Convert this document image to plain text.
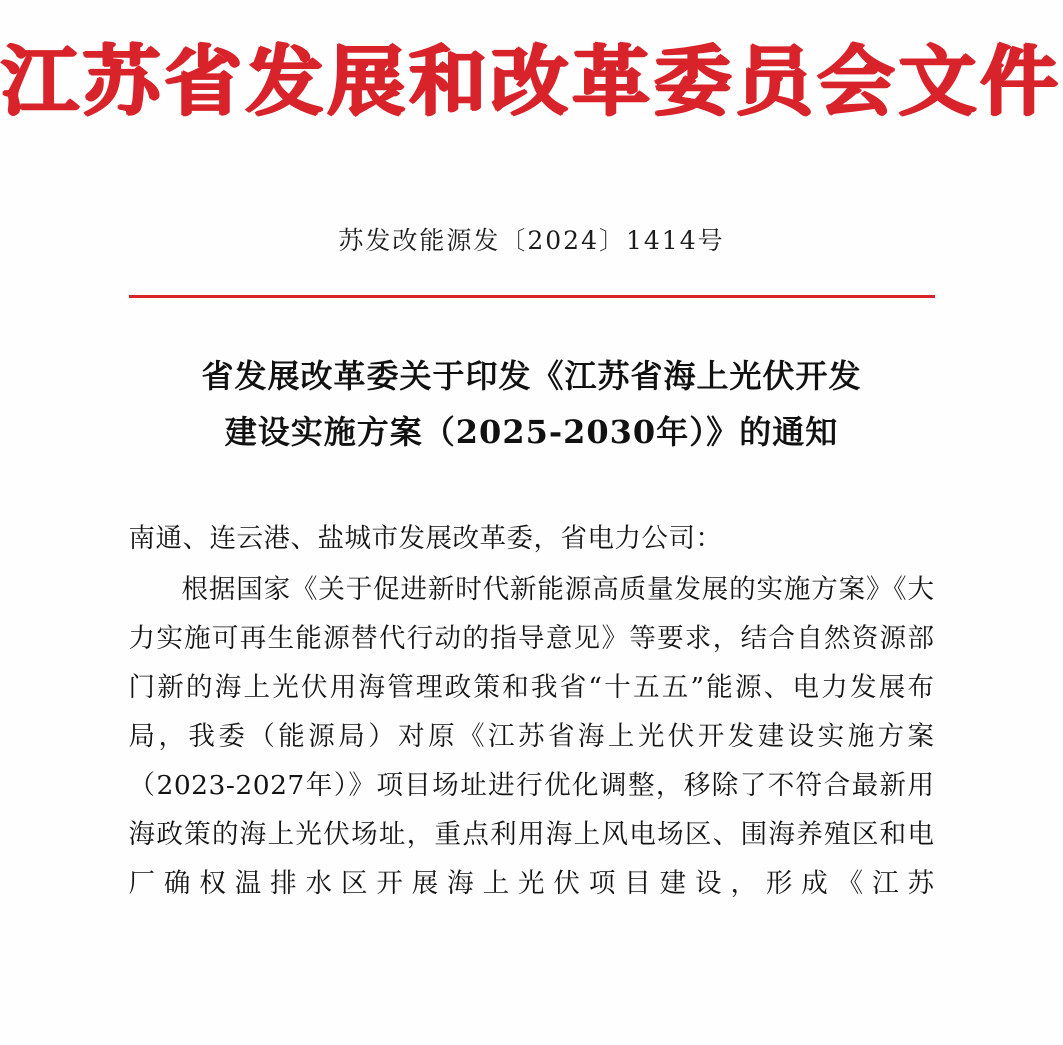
江苏省发展和改革委员会文件
苏发改能源发〔2024〕1414号
省发展改革委关于印发《江苏省海上光伏开发
建设实施方案（2025-2030年）》的通知
南通、连云港、盐城市发展改革委，省电力公司：
根据国家《关于促进新时代新能源高质量发展的实施方案》《大力实施可再生能源替代行动的指导意见》等要求，结合自然资源部门新的海上光伏用海管理政策和我省“十五五”能源、电力发展布局，我委（能源局）对原《江苏省海上光伏开发建设实施方案（2023-2027年）》项目场址进行优化调整，移除了不符合最新用海政策的海上光伏场址，重点利用海上风电场区、围海养殖区和电厂确权温排水区开展海上光伏项目建设，形成《江苏
